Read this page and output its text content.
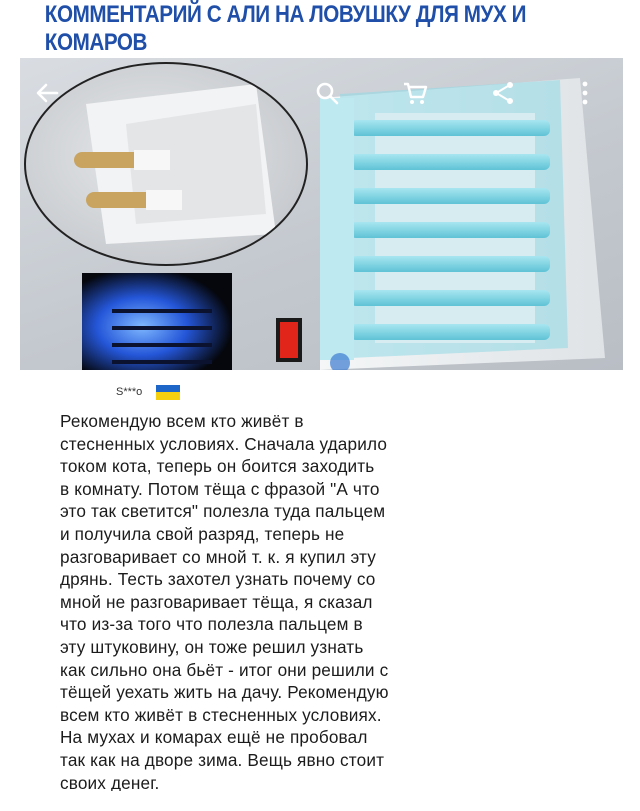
КОММЕНТАРИЙ С АЛИ НА ЛОВУШКУ ДЛЯ МУХ И КОМАРОВ
S***o
Рекомендую всем кто живёт в
стесненных условиях. Сначала ударило
током кота, теперь он боится заходить
в комнату. Потом тёща с фразой "А что
это так светится" полезла туда пальцем
и получила свой разряд, теперь не
разговаривает со мной т. к. я купил эту
дрянь. Тесть захотел узнать почему со
мной не разговаривает тёща, я сказал
что из-за того что полезла пальцем в
эту штуковину, он тоже решил узнать
как сильно она бьёт - итог они решили с
тёщей уехать жить на дачу. Рекомендую
всем кто живёт в стесненных условиях.
На мухах и комарах ещё не пробовал
так как на дворе зима. Вещь явно стоит
своих денег.
